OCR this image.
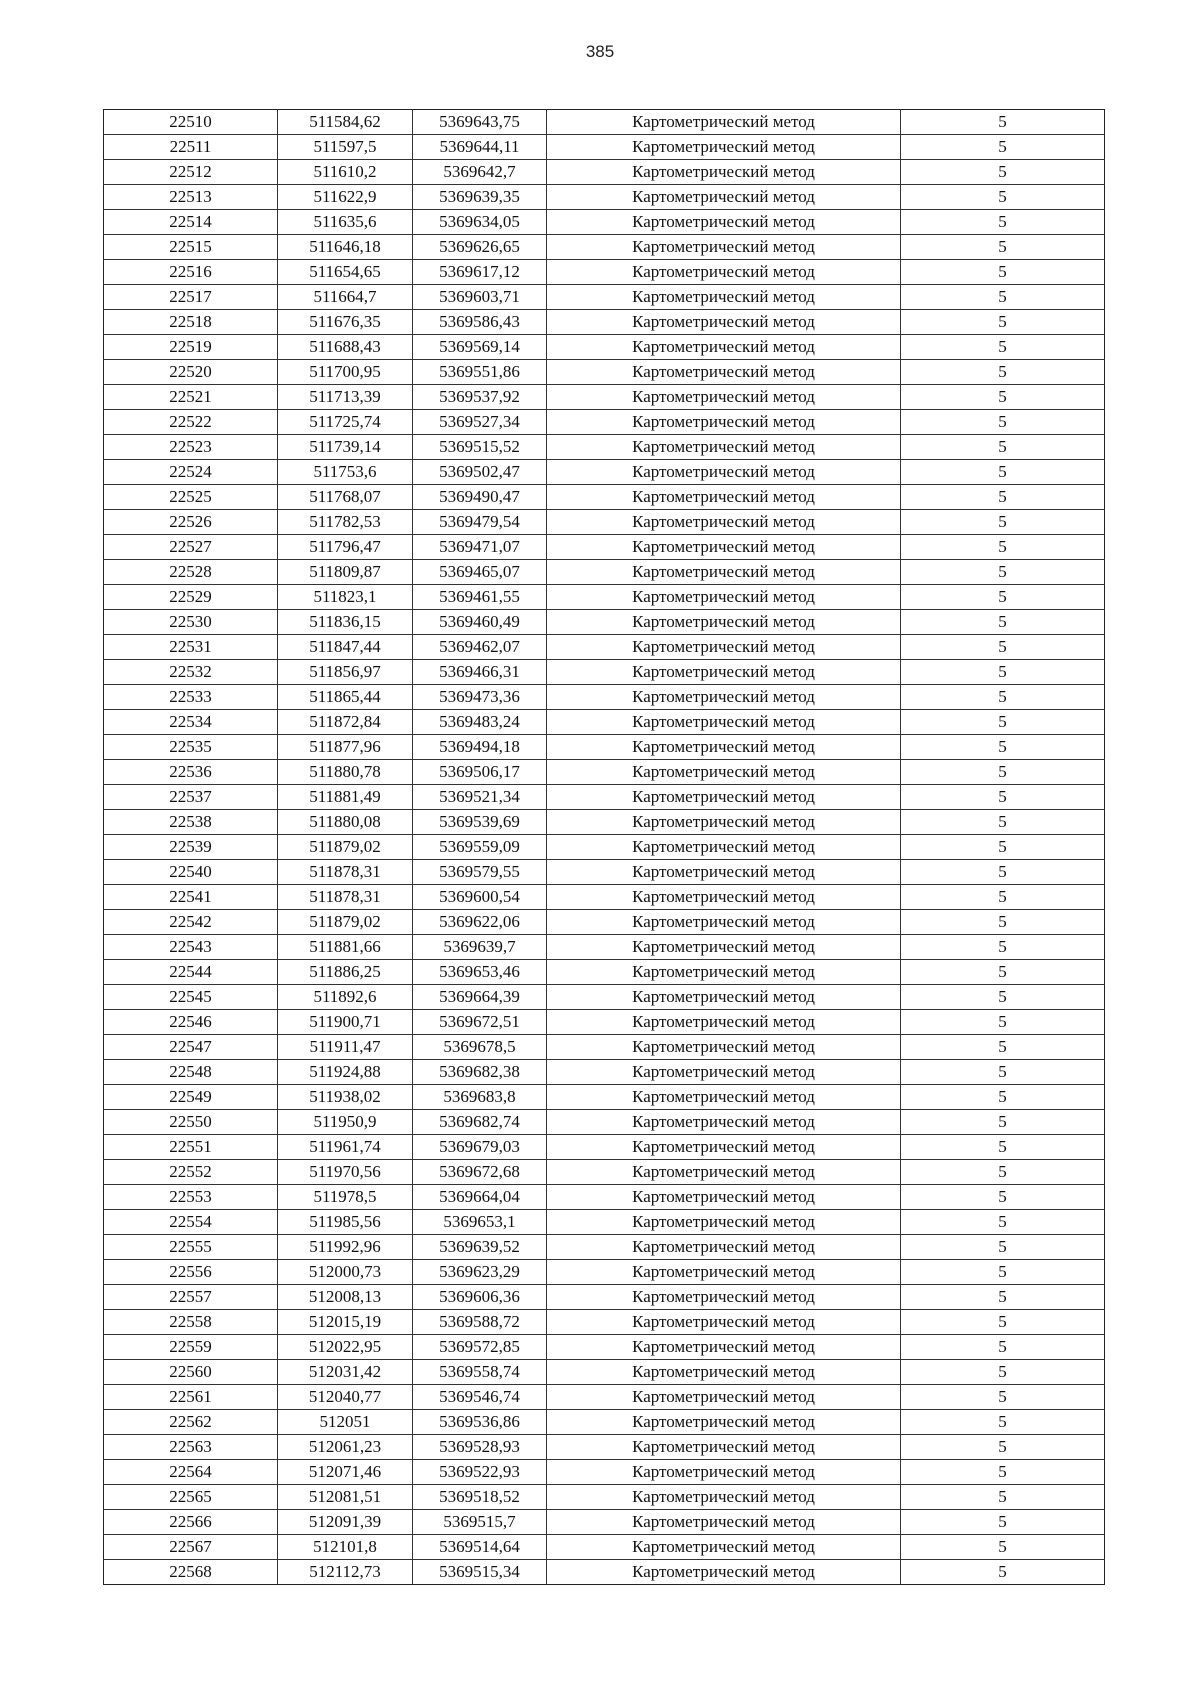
385
22510	511584,62	5369643,75	Картометрический метод	5
22511	511597,5	5369644,11	Картометрический метод	5
22512	511610,2	5369642,7	Картометрический метод	5
22513	511622,9	5369639,35	Картометрический метод	5
22514	511635,6	5369634,05	Картометрический метод	5
22515	511646,18	5369626,65	Картометрический метод	5
22516	511654,65	5369617,12	Картометрический метод	5
22517	511664,7	5369603,71	Картометрический метод	5
22518	511676,35	5369586,43	Картометрический метод	5
22519	511688,43	5369569,14	Картометрический метод	5
22520	511700,95	5369551,86	Картометрический метод	5
22521	511713,39	5369537,92	Картометрический метод	5
22522	511725,74	5369527,34	Картометрический метод	5
22523	511739,14	5369515,52	Картометрический метод	5
22524	511753,6	5369502,47	Картометрический метод	5
22525	511768,07	5369490,47	Картометрический метод	5
22526	511782,53	5369479,54	Картометрический метод	5
22527	511796,47	5369471,07	Картометрический метод	5
22528	511809,87	5369465,07	Картометрический метод	5
22529	511823,1	5369461,55	Картометрический метод	5
22530	511836,15	5369460,49	Картометрический метод	5
22531	511847,44	5369462,07	Картометрический метод	5
22532	511856,97	5369466,31	Картометрический метод	5
22533	511865,44	5369473,36	Картометрический метод	5
22534	511872,84	5369483,24	Картометрический метод	5
22535	511877,96	5369494,18	Картометрический метод	5
22536	511880,78	5369506,17	Картометрический метод	5
22537	511881,49	5369521,34	Картометрический метод	5
22538	511880,08	5369539,69	Картометрический метод	5
22539	511879,02	5369559,09	Картометрический метод	5
22540	511878,31	5369579,55	Картометрический метод	5
22541	511878,31	5369600,54	Картометрический метод	5
22542	511879,02	5369622,06	Картометрический метод	5
22543	511881,66	5369639,7	Картометрический метод	5
22544	511886,25	5369653,46	Картометрический метод	5
22545	511892,6	5369664,39	Картометрический метод	5
22546	511900,71	5369672,51	Картометрический метод	5
22547	511911,47	5369678,5	Картометрический метод	5
22548	511924,88	5369682,38	Картометрический метод	5
22549	511938,02	5369683,8	Картометрический метод	5
22550	511950,9	5369682,74	Картометрический метод	5
22551	511961,74	5369679,03	Картометрический метод	5
22552	511970,56	5369672,68	Картометрический метод	5
22553	511978,5	5369664,04	Картометрический метод	5
22554	511985,56	5369653,1	Картометрический метод	5
22555	511992,96	5369639,52	Картометрический метод	5
22556	512000,73	5369623,29	Картометрический метод	5
22557	512008,13	5369606,36	Картометрический метод	5
22558	512015,19	5369588,72	Картометрический метод	5
22559	512022,95	5369572,85	Картометрический метод	5
22560	512031,42	5369558,74	Картометрический метод	5
22561	512040,77	5369546,74	Картометрический метод	5
22562	512051	5369536,86	Картометрический метод	5
22563	512061,23	5369528,93	Картометрический метод	5
22564	512071,46	5369522,93	Картометрический метод	5
22565	512081,51	5369518,52	Картометрический метод	5
22566	512091,39	5369515,7	Картометрический метод	5
22567	512101,8	5369514,64	Картометрический метод	5
22568	512112,73	5369515,34	Картометрический метод	5
